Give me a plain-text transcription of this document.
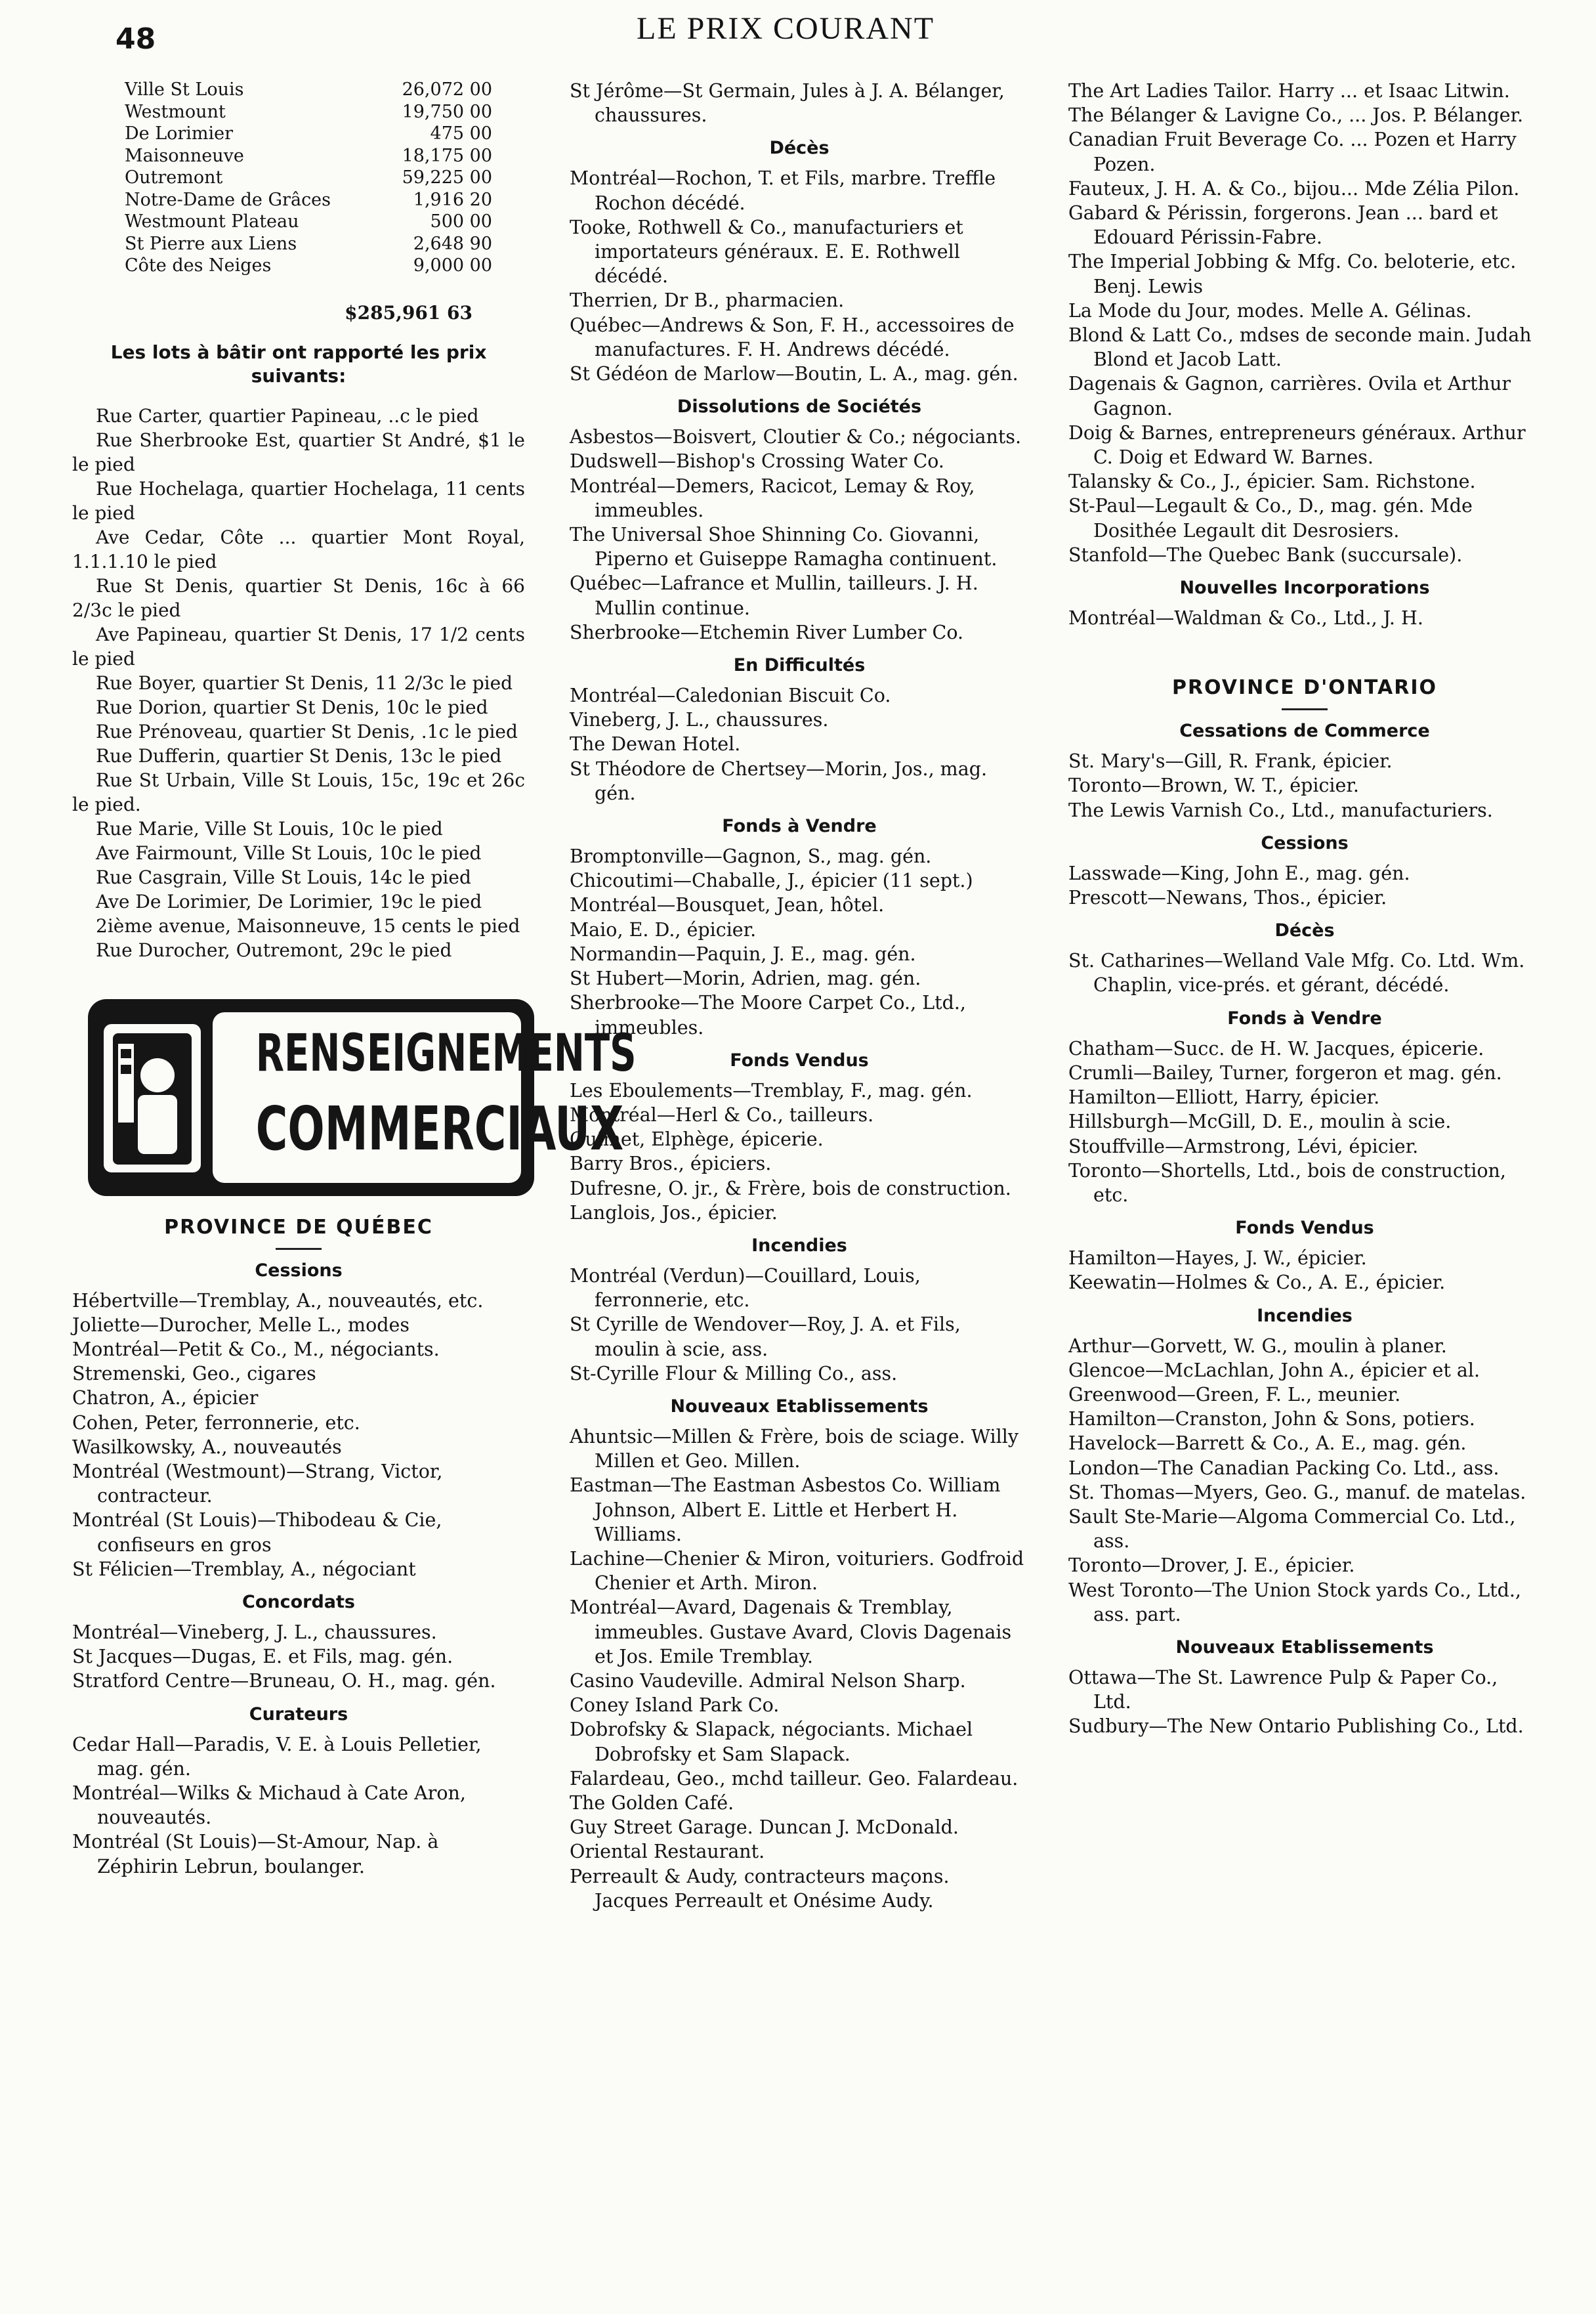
48	LE PRIX COURANT
Ville St Louis	26,072 00
Westmount	19,750 00
De Lorimier	475 00
Maisonneuve	18,175 00
Outremont	59,225 00
Notre-Dame de Grâces	1,916 20
Westmount Plateau	500 00
St Pierre aux Liens	2,648 90
Côte des Neiges	9,000 00
$285,961 63
Les lots à bâtir ont rapporté les prix suivants:

Rue Carter, quartier Papineau, ..c le pied

Rue Sherbrooke Est, quartier St André, $1 le le pied

Rue Hochelaga, quartier Hochelaga, 11 cents le pied

Ave Cedar, Côte ... quartier Mont Royal, 1.1.1.10 le pied

Rue St Denis, quartier St Denis, 16c à 66 2/3c le pied

Ave Papineau, quartier St Denis, 17 1/2 cents le pied

Rue Boyer, quartier St Denis, 11 2/3c le pied

Rue Dorion, quartier St Denis, 10c le pied

Rue Prénoveau, quartier St Denis, .1c le pied

Rue Dufferin, quartier St Denis, 13c le pied

Rue St Urbain, Ville St Louis, 15c, 19c et 26c le pied.

Rue Marie, Ville St Louis, 10c le pied

Ave Fairmount, Ville St Louis, 10c le pied

Rue Casgrain, Ville St Louis, 14c le pied

Ave De Lorimier, De Lorimier, 19c le pied

2ième avenue, Maisonneuve, 15 cents le pied

Rue Durocher, Outremont, 29c le pied

RENSEIGNEMENTS
COMMERCIAUX
PROVINCE DE QUÉBEC
Cessions

Hébertville—Tremblay, A., nouveautés, etc.

Joliette—Durocher, Melle L., modes

Montréal—Petit & Co., M., négociants.

Stremenski, Geo., cigares

Chatron, A., épicier

Cohen, Peter, ferronnerie, etc.

Wasilkowsky, A., nouveautés

Montréal (Westmount)—Strang, Victor, contracteur.

Montréal (St Louis)—Thibodeau & Cie, confiseurs en gros

St Félicien—Tremblay, A., négociant

Concordats

Montréal—Vineberg, J. L., chaussures.

St Jacques—Dugas, E. et Fils, mag. gén.

Stratford Centre—Bruneau, O. H., mag. gén.

Curateurs

Cedar Hall—Paradis, V. E. à Louis Pelletier, mag. gén.

Montréal—Wilks & Michaud à Cate Aron, nouveautés.

Montréal (St Louis)—St-Amour, Nap. à Zéphirin Lebrun, boulanger.

St Jérôme—St Germain, Jules à J. A. Bélanger, chaussures.

Décès

Montréal—Rochon, T. et Fils, marbre. Treffle Rochon décédé.

Tooke, Rothwell & Co., manufacturiers et importateurs généraux. E. E. Rothwell décédé.

Therrien, Dr B., pharmacien.

Québec—Andrews & Son, F. H., accessoires de manufactures. F. H. Andrews décédé.

St Gédéon de Marlow—Boutin, L. A., mag. gén.

Dissolutions de Sociétés

Asbestos—Boisvert, Cloutier & Co.; négociants.

Dudswell—Bishop's Crossing Water Co.

Montréal—Demers, Racicot, Lemay & Roy, immeubles.

The Universal Shoe Shinning Co. Giovanni, Piperno et Guiseppe Ramagha continuent.

Québec—Lafrance et Mullin, tailleurs. J. H. Mullin continue.

Sherbrooke—Etchemin River Lumber Co.

En Difficultés

Montréal—Caledonian Biscuit Co.

Vineberg, J. L., chaussures.

The Dewan Hotel.

St Théodore de Chertsey—Morin, Jos., mag. gén.

Fonds à Vendre

Bromptonville—Gagnon, S., mag. gén.

Chicoutimi—Chaballe, J., épicier (11 sept.)

Montréal—Bousquet, Jean, hôtel.

Maio, E. D., épicier.

Normandin—Paquin, J. E., mag. gén.

St Hubert—Morin, Adrien, mag. gén.

Sherbrooke—The Moore Carpet Co., Ltd., immeubles.

Fonds Vendus

Les Eboulements—Tremblay, F., mag. gén.

Montréal—Herl & Co., tailleurs.

Ouimet, Elphège, épicerie.

Barry Bros., épiciers.

Dufresne, O. jr., & Frère, bois de construction.

Langlois, Jos., épicier.

Incendies

Montréal (Verdun)—Couillard, Louis, ferronnerie, etc.

St Cyrille de Wendover—Roy, J. A. et Fils, moulin à scie, ass.

St-Cyrille Flour & Milling Co., ass.

Nouveaux Etablissements

Ahuntsic—Millen & Frère, bois de sciage. Willy Millen et Geo. Millen.

Eastman—The Eastman Asbestos Co. William Johnson, Albert E. Little et Herbert H. Williams.

Lachine—Chenier & Miron, voituriers. Godfroid Chenier et Arth. Miron.

Montréal—Avard, Dagenais & Tremblay, immeubles. Gustave Avard, Clovis Dagenais et Jos. Emile Tremblay.

Casino Vaudeville. Admiral Nelson Sharp.

Coney Island Park Co.

Dobrofsky & Slapack, négociants. Michael Dobrofsky et Sam Slapack.

Falardeau, Geo., mchd tailleur. Geo. Falardeau.

The Golden Café.

Guy Street Garage. Duncan J. McDonald.

Oriental Restaurant.

Perreault & Audy, contracteurs maçons. Jacques Perreault et Onésime Audy.

The Art Ladies Tailor. Harry ... et Isaac Litwin.

The Bélanger & Lavigne Co., ... Jos. P. Bélanger.

Canadian Fruit Beverage Co. ... Pozen et Harry Pozen.

Fauteux, J. H. A. & Co., bijou... Mde Zélia Pilon.

Gabard & Périssin, forgerons. Jean ... bard et Edouard Périssin-Fabre.

The Imperial Jobbing & Mfg. Co. beloterie, etc. Benj. Lewis

La Mode du Jour, modes. Melle A. Gélinas.

Blond & Latt Co., mdses de seconde main. Judah Blond et Jacob Latt.

Dagenais & Gagnon, carrières. Ovila et Arthur Gagnon.

Doig & Barnes, entrepreneurs généraux. Arthur C. Doig et Edward W. Barnes.

Talansky & Co., J., épicier. Sam. Richstone.

St-Paul—Legault & Co., D., mag. gén. Mde Dosithée Legault dit Desrosiers.

Stanfold—The Quebec Bank (succursale).

Nouvelles Incorporations

Montréal—Waldman & Co., Ltd., J. H.

PROVINCE D'ONTARIO
Cessations de Commerce

St. Mary's—Gill, R. Frank, épicier.

Toronto—Brown, W. T., épicier.

The Lewis Varnish Co., Ltd., manufacturiers.

Cessions

Lasswade—King, John E., mag. gén.

Prescott—Newans, Thos., épicier.

Décès

St. Catharines—Welland Vale Mfg. Co. Ltd. Wm. Chaplin, vice-prés. et gérant, décédé.

Fonds à Vendre

Chatham—Succ. de H. W. Jacques, épicerie.

Crumli—Bailey, Turner, forgeron et mag. gén.

Hamilton—Elliott, Harry, épicier.

Hillsburgh—McGill, D. E., moulin à scie.

Stouffville—Armstrong, Lévi, épicier.

Toronto—Shortells, Ltd., bois de construction, etc.

Fonds Vendus

Hamilton—Hayes, J. W., épicier.

Keewatin—Holmes & Co., A. E., épicier.

Incendies

Arthur—Gorvett, W. G., moulin à planer.

Glencoe—McLachlan, John A., épicier et al.

Greenwood—Green, F. L., meunier.

Hamilton—Cranston, John & Sons, potiers.

Havelock—Barrett & Co., A. E., mag. gén.

London—The Canadian Packing Co. Ltd., ass.

St. Thomas—Myers, Geo. G., manuf. de matelas.

Sault Ste-Marie—Algoma Commercial Co. Ltd., ass.

Toronto—Drover, J. E., épicier.

West Toronto—The Union Stock yards Co., Ltd., ass. part.

Nouveaux Etablissements

Ottawa—The St. Lawrence Pulp & Paper Co., Ltd.

Sudbury—The New Ontario Publishing Co., Ltd.
